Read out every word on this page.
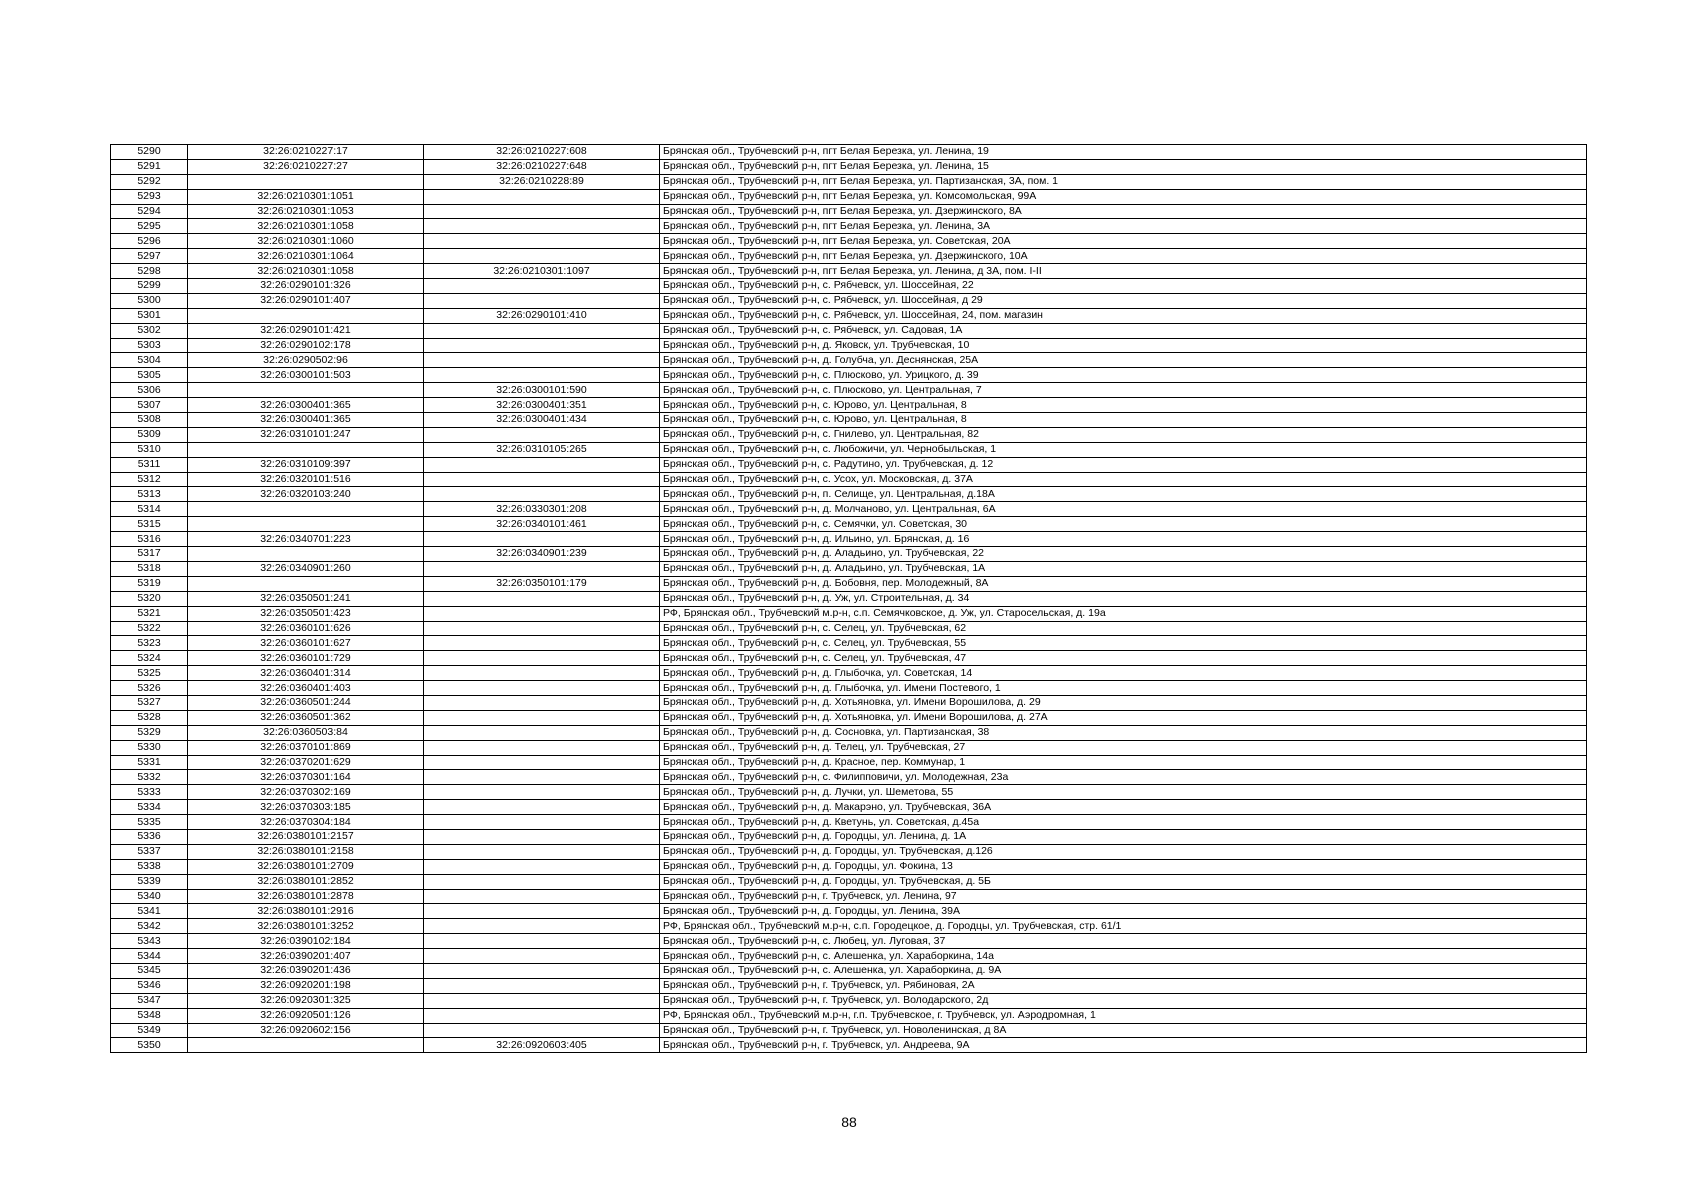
5290	32:26:0210227:17	32:26:0210227:608	Брянская обл., Трубчевский р-н, пгт Белая Березка, ул. Ленина, 19
5291	32:26:0210227:27	32:26:0210227:648	Брянская обл., Трубчевский р-н, пгт Белая Березка, ул. Ленина, 15
5292		32:26:0210228:89	Брянская обл., Трубчевский р-н, пгт Белая Березка, ул. Партизанская, 3А, пом. 1
5293	32:26:0210301:1051		Брянская обл., Трубчевский р-н, пгт Белая Березка, ул. Комсомольская, 99А
5294	32:26:0210301:1053		Брянская обл., Трубчевский р-н, пгт Белая Березка, ул. Дзержинского, 8А
5295	32:26:0210301:1058		Брянская обл., Трубчевский р-н, пгт Белая Березка, ул. Ленина, 3А
5296	32:26:0210301:1060		Брянская обл., Трубчевский р-н, пгт Белая Березка, ул. Советская, 20А
5297	32:26:0210301:1064		Брянская обл., Трубчевский р-н, пгт Белая Березка, ул. Дзержинского, 10А
5298	32:26:0210301:1058	32:26:0210301:1097	Брянская обл., Трубчевский р-н, пгт Белая Березка, ул. Ленина, д 3А, пом. I-II
5299	32:26:0290101:326		Брянская обл., Трубчевский р-н, с. Рябчевск, ул. Шоссейная, 22
5300	32:26:0290101:407		Брянская обл., Трубчевский р-н, с. Рябчевск, ул. Шоссейная, д 29
5301		32:26:0290101:410	Брянская обл., Трубчевский р-н, с. Рябчевск, ул. Шоссейная, 24, пом. магазин
5302	32:26:0290101:421		Брянская обл., Трубчевский р-н, с. Рябчевск, ул. Садовая, 1А
5303	32:26:0290102:178		Брянская обл., Трубчевский р-н, д. Яковск, ул. Трубчевская, 10
5304	32:26:0290502:96		Брянская обл., Трубчевский р-н, д. Голубча, ул. Деснянская, 25А
5305	32:26:0300101:503		Брянская обл., Трубчевский р-н, с. Плюсково, ул. Урицкого, д. 39
5306		32:26:0300101:590	Брянская обл., Трубчевский р-н, с. Плюсково, ул. Центральная, 7
5307	32:26:0300401:365	32:26:0300401:351	Брянская обл., Трубчевский р-н, с. Юрово, ул. Центральная, 8
5308	32:26:0300401:365	32:26:0300401:434	Брянская обл., Трубчевский р-н, с. Юрово, ул. Центральная, 8
5309	32:26:0310101:247		Брянская обл., Трубчевский р-н, с. Гнилево, ул. Центральная, 82
5310		32:26:0310105:265	Брянская обл., Трубчевский р-н, с. Любожичи, ул. Чернобыльская, 1
5311	32:26:0310109:397		Брянская обл., Трубчевский р-н, с. Радутино, ул. Трубчевская, д. 12
5312	32:26:0320101:516		Брянская обл., Трубчевский р-н, с. Усох, ул. Московская, д. 37А
5313	32:26:0320103:240		Брянская обл., Трубчевский р-н, п. Селище, ул. Центральная, д.18А
5314		32:26:0330301:208	Брянская обл., Трубчевский р-н, д. Молчаново, ул. Центральная, 6А
5315		32:26:0340101:461	Брянская обл., Трубчевский р-н, с. Семячки, ул. Советская, 30
5316	32:26:0340701:223		Брянская обл., Трубчевский р-н, д. Ильино, ул. Брянская, д. 16
5317		32:26:0340901:239	Брянская обл., Трубчевский р-н, д. Аладьино, ул. Трубчевская, 22
5318	32:26:0340901:260		Брянская обл., Трубчевский р-н, д. Аладьино, ул. Трубчевская, 1А
5319		32:26:0350101:179	Брянская обл., Трубчевский р-н, д. Бобовня, пер. Молодежный, 8А
5320	32:26:0350501:241		Брянская обл., Трубчевский р-н, д. Уж, ул. Строительная, д. 34
5321	32:26:0350501:423		РФ, Брянская обл., Трубчевский м.р-н, с.п. Семячковское, д. Уж, ул. Старосельская, д. 19а
5322	32:26:0360101:626		Брянская обл., Трубчевский р-н, с. Селец, ул. Трубчевская, 62
5323	32:26:0360101:627		Брянская обл., Трубчевский р-н, с. Селец, ул. Трубчевская, 55
5324	32:26:0360101:729		Брянская обл., Трубчевский р-н, с. Селец, ул. Трубчевская, 47
5325	32:26:0360401:314		Брянская обл., Трубчевский р-н, д. Глыбочка, ул. Советская, 14
5326	32:26:0360401:403		Брянская обл., Трубчевский р-н, д. Глыбочка, ул. Имени Постевого, 1
5327	32:26:0360501:244		Брянская обл., Трубчевский р-н, д. Хотьяновка, ул. Имени Ворошилова, д. 29
5328	32:26:0360501:362		Брянская обл., Трубчевский р-н, д. Хотьяновка, ул. Имени Ворошилова, д. 27А
5329	32:26:0360503:84		Брянская обл., Трубчевский р-н, д. Сосновка, ул. Партизанская, 38
5330	32:26:0370101:869		Брянская обл., Трубчевский р-н, д. Телец, ул. Трубчевская, 27
5331	32:26:0370201:629		Брянская обл., Трубчевский р-н, д. Красное, пер. Коммунар, 1
5332	32:26:0370301:164		Брянская обл., Трубчевский р-н, с. Филипповичи, ул. Молодежная, 23а
5333	32:26:0370302:169		Брянская обл., Трубчевский р-н, д. Лучки, ул. Шеметова, 55
5334	32:26:0370303:185		Брянская обл., Трубчевский р-н, д. Макарэно, ул. Трубчевская, 36А
5335	32:26:0370304:184		Брянская обл., Трубчевский р-н, д. Кветунь, ул. Советская, д.45а
5336	32:26:0380101:2157		Брянская обл., Трубчевский р-н, д. Городцы, ул. Ленина, д. 1А
5337	32:26:0380101:2158		Брянская обл., Трубчевский р-н, д. Городцы, ул. Трубчевская, д.126
5338	32:26:0380101:2709		Брянская обл., Трубчевский р-н, д. Городцы, ул. Фокина, 13
5339	32:26:0380101:2852		Брянская обл., Трубчевский р-н, д. Городцы, ул. Трубчевская, д. 5Б
5340	32:26:0380101:2878		Брянская обл., Трубчевский р-н, г. Трубчевск, ул. Ленина, 97
5341	32:26:0380101:2916		Брянская обл., Трубчевский р-н, д. Городцы, ул. Ленина, 39А
5342	32:26:0380101:3252		РФ, Брянская обл., Трубчевский м.р-н, с.п. Городецкое, д. Городцы, ул. Трубчевская, стр. 61/1
5343	32:26:0390102:184		Брянская обл., Трубчевский р-н, с. Любец, ул. Луговая, 37
5344	32:26:0390201:407		Брянская обл., Трубчевский р-н, с. Алешенка, ул. Хараборкина, 14а
5345	32:26:0390201:436		Брянская обл., Трубчевский р-н, с. Алешенка, ул. Хараборкина, д. 9А
5346	32:26:0920201:198		Брянская обл., Трубчевский р-н, г. Трубчевск, ул. Рябиновая, 2А
5347	32:26:0920301:325		Брянская обл., Трубчевский р-н, г. Трубчевск, ул. Володарского, 2д
5348	32:26:0920501:126		РФ, Брянская обл., Трубчевский м.р-н, г.п. Трубчевское, г. Трубчевск, ул. Аэродромная, 1
5349	32:26:0920602:156		Брянская обл., Трубчевский р-н, г. Трубчевск, ул. Новоленинская, д 8А
5350		32:26:0920603:405	Брянская обл., Трубчевский р-н, г. Трубчевск, ул. Андреева, 9А
88
